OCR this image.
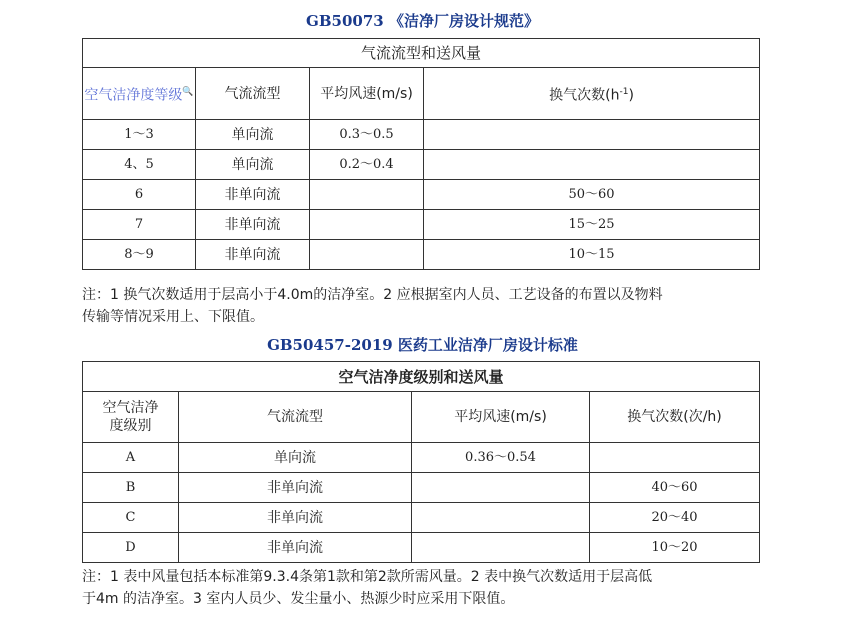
GB50073 《洁净厂房设计规范》
气流流型和送风量			
空气洁净度等级🔍	气流流型	平均风速(m/s)	换气次数$(h^{-1})$
1～3	单向流	0.3～0.5	
4、5	单向流	0.2～0.4	
6	非单向流		50～60
7	非单向流		15～25
8～9	非单向流		10～15
注：1 换气次数适用于层高小于4.0m的洁净室。2 应根据室内人员、工艺设备的布置以及物料
传输等情况采用上、下限值。
GB50457-2019 医药工业洁净厂房设计标准
空气洁净度级别和送风量			

空气洁净
度级别	气流流型	平均风速(m/s)	换气次数(次/h)
A	单向流	0.36～0.54	
B	非单向流		40～60
C	非单向流		20～40
D	非单向流		10～20
注：1 表中风量包括本标准第9.3.4条第1款和第2款所需风量。2 表中换气次数适用于层高低
于4m 的洁净室。3 室内人员少、发尘量小、热源少时应采用下限值。
